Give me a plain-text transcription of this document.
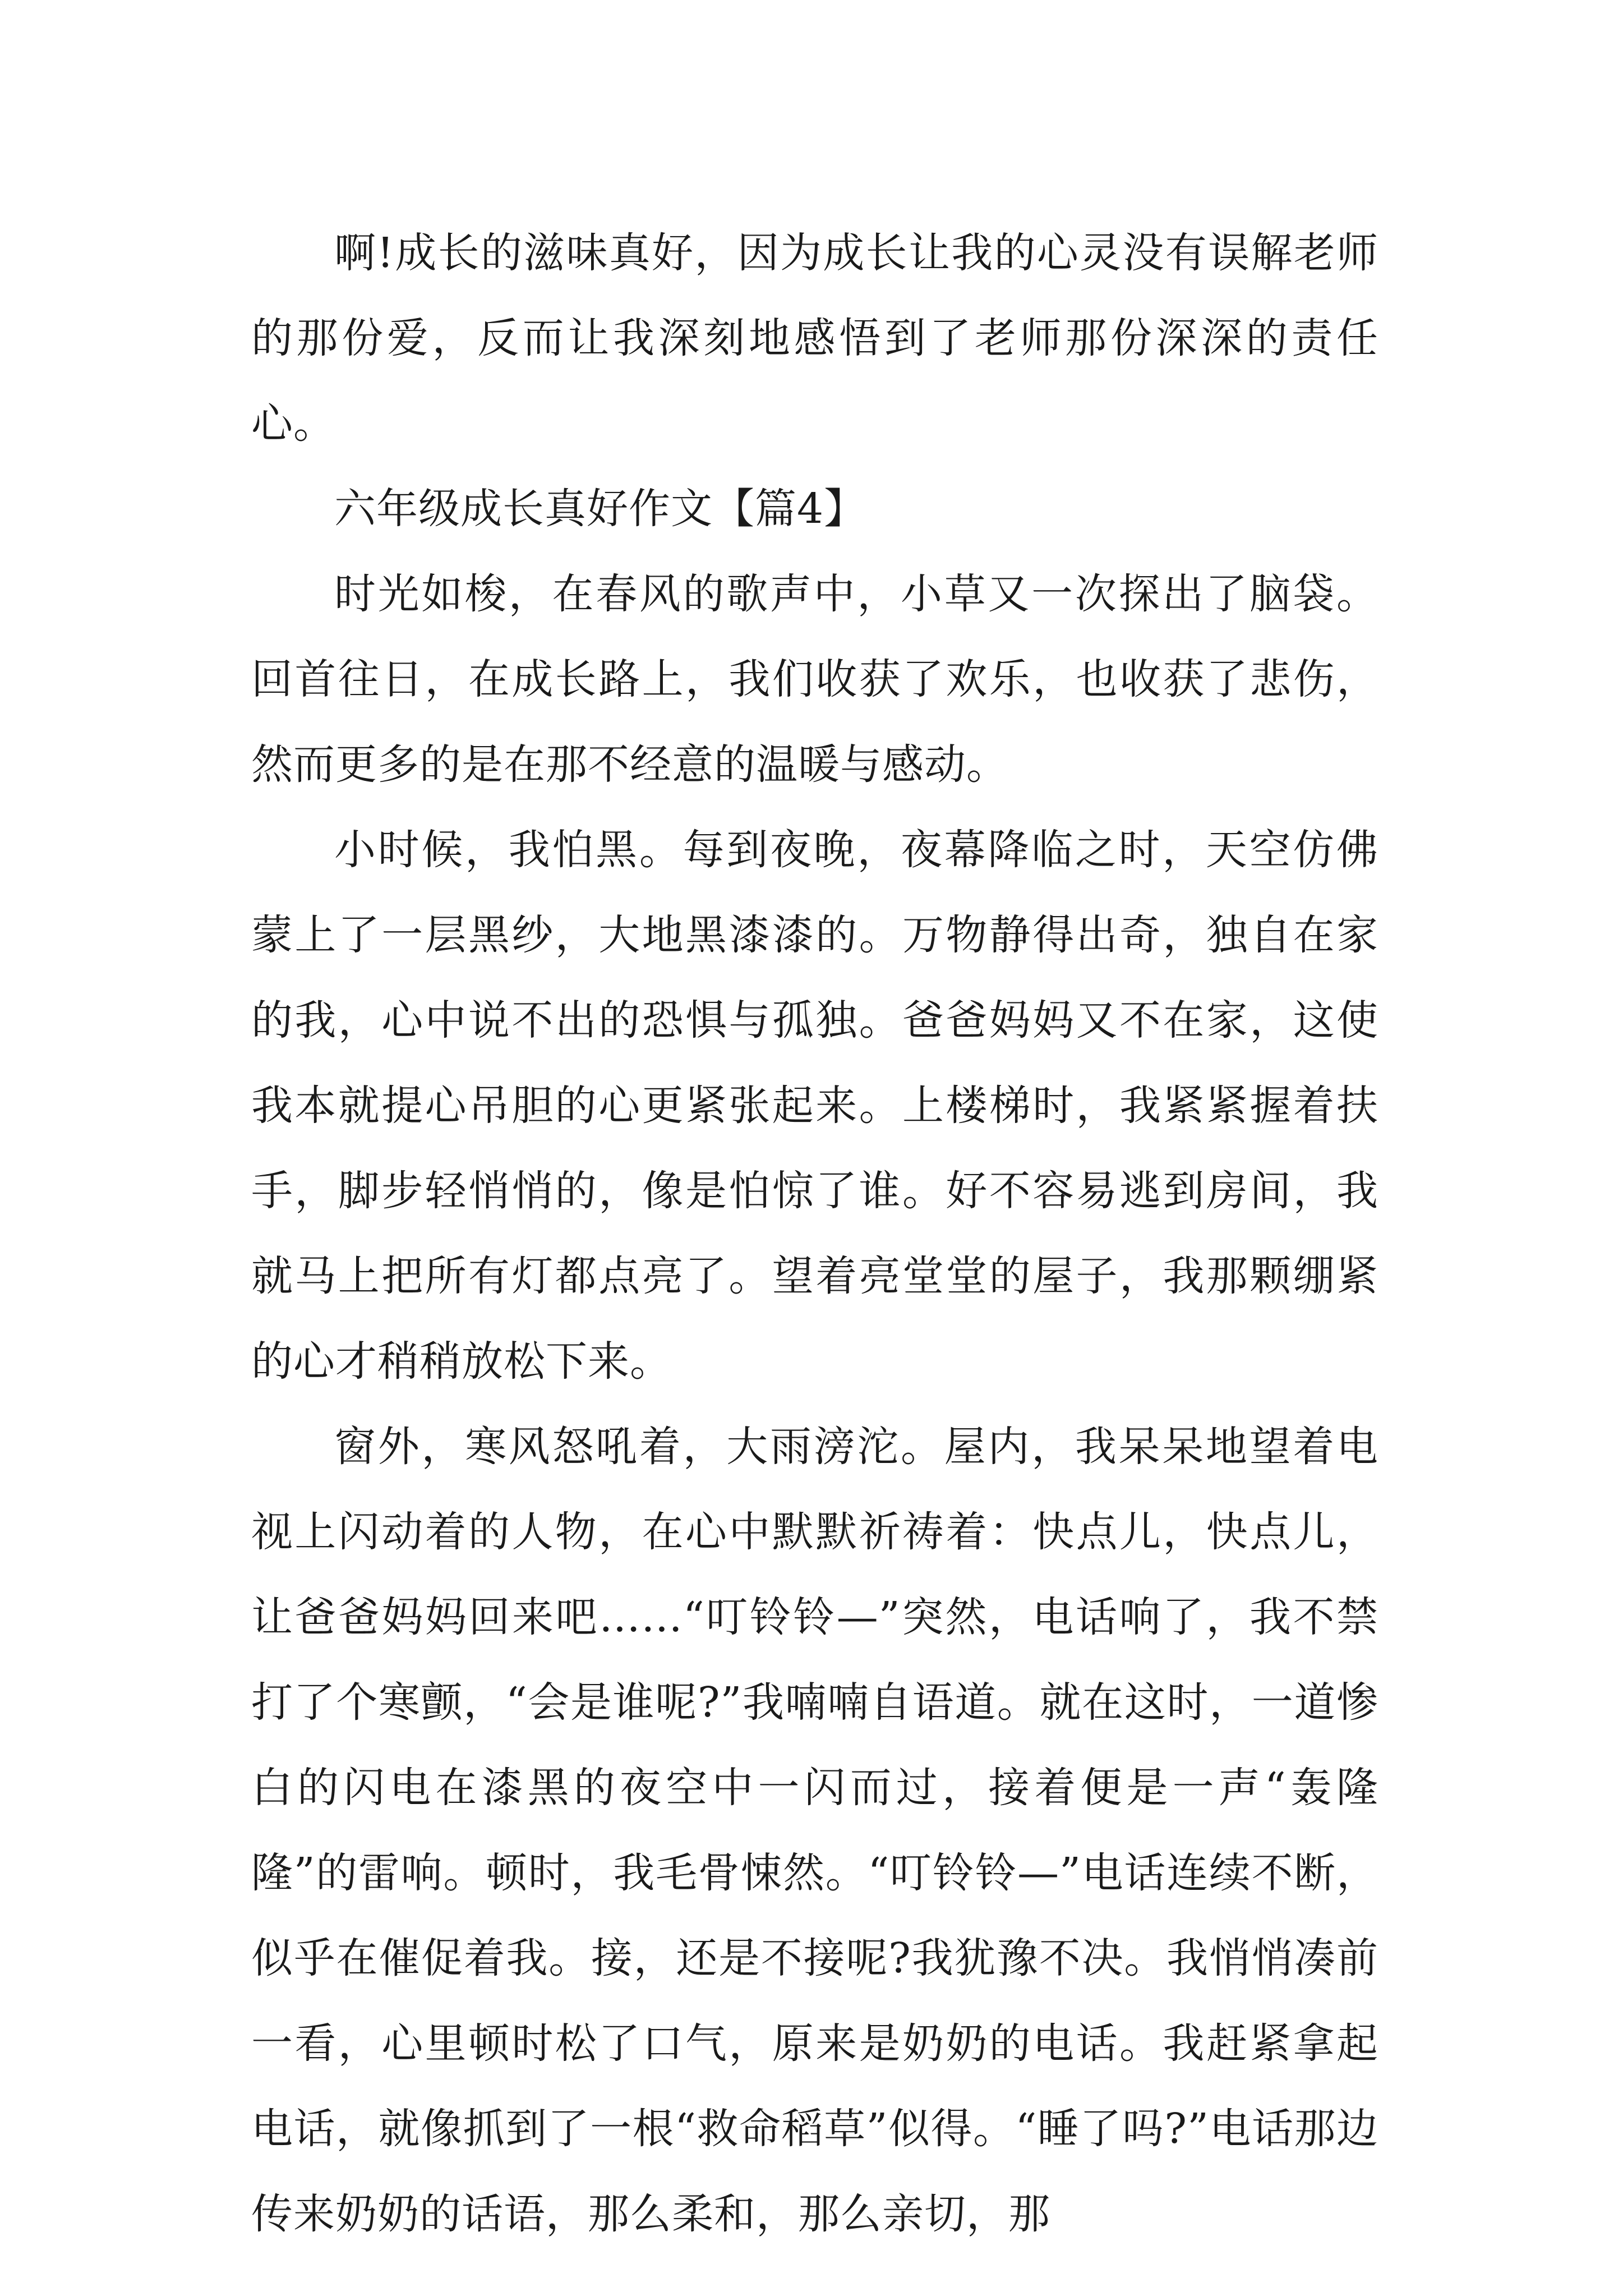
啊!成长的滋味真好，因为成长让我的心灵没有误解老师的那份爱，反而让我深刻地感悟到了老师那份深深的责任心。

六年级成长真好作文【篇4】

时光如梭，在春风的歌声中，小草又一次探出了脑袋。回首往日，在成长路上，我们收获了欢乐，也收获了悲伤，然而更多的是在那不经意的温暖与感动。

小时候，我怕黑。每到夜晚，夜幕降临之时，天空仿佛蒙上了一层黑纱，大地黑漆漆的。万物静得出奇，独自在家的我，心中说不出的恐惧与孤独。爸爸妈妈又不在家，这使我本就提心吊胆的心更紧张起来。上楼梯时，我紧紧握着扶手，脚步轻悄悄的，像是怕惊了谁。好不容易逃到房间，我就马上把所有灯都点亮了。望着亮堂堂的屋子，我那颗绷紧的心才稍稍放松下来。

窗外，寒风怒吼着，大雨滂沱。屋内，我呆呆地望着电视上闪动着的人物，在心中默默祈祷着：快点儿，快点儿，让爸爸妈妈回来吧……“叮铃铃—”突然，电话响了，我不禁打了个寒颤，“会是谁呢?”我喃喃自语道。就在这时，一道惨白的闪电在漆黑的夜空中一闪而过，接着便是一声“轰隆隆”的雷响。顿时，我毛骨悚然。“叮铃铃—”电话连续不断，似乎在催促着我。接，还是不接呢?我犹豫不决。我悄悄凑前一看，心里顿时松了口气，原来是奶奶的电话。我赶紧拿起电话，就像抓到了一根“救命稻草”似得。“睡了吗?”电话那边传来奶奶的话语，那么柔和，那么亲切，那
